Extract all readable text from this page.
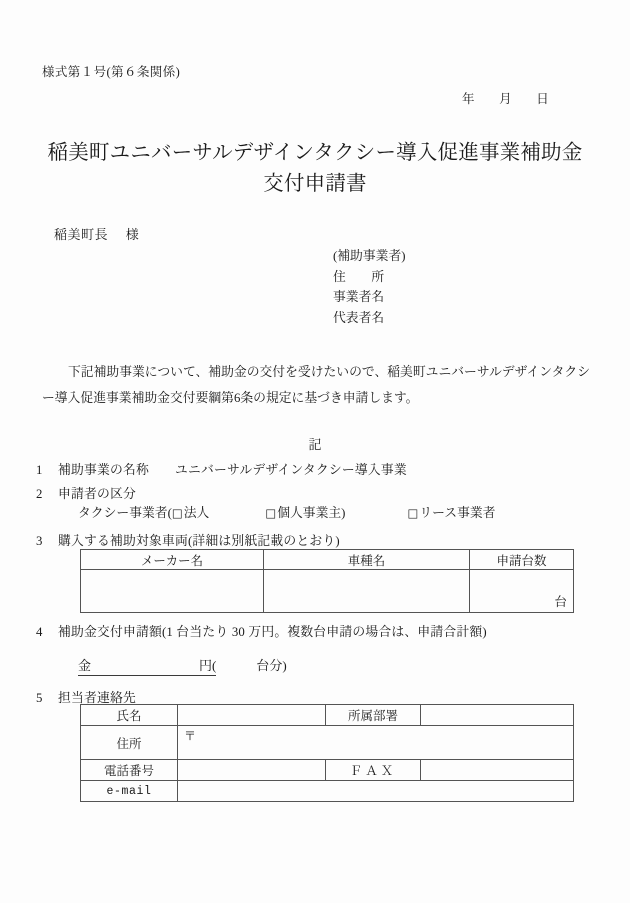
様式第１号(第６条関係)
年 月 日
稲美町ユニバーサルデザインタクシー導入促進事業補助金
交付申請書
稲美町長 様
(補助事業者)
住　　所
事業者名
代表者名
下記補助事業について、補助金の交付を受けたいので、稲美町ユニバーサルデザインタクシー導入促進事業補助金交付要綱第6条の規定に基づき申請します。
記
1 補助事業の名称 ユニバーサルデザインタクシー導入事業
2 申請者の区分
タクシー事業者(□法人	□個人事業主)	□リース事業者
3 購入する補助対象車両(詳細は別紙記載のとおり)
メーカー名	車種名	申請台数
		台
4 補助金交付申請額(1 台当たり 30 万円。複数台申請の場合は、申請合計額)
金	円(	台分)
5 担当者連絡先
氏名		所属部署	
住所	〒		
電話番号		ＦＡＸ	
e-mail			
